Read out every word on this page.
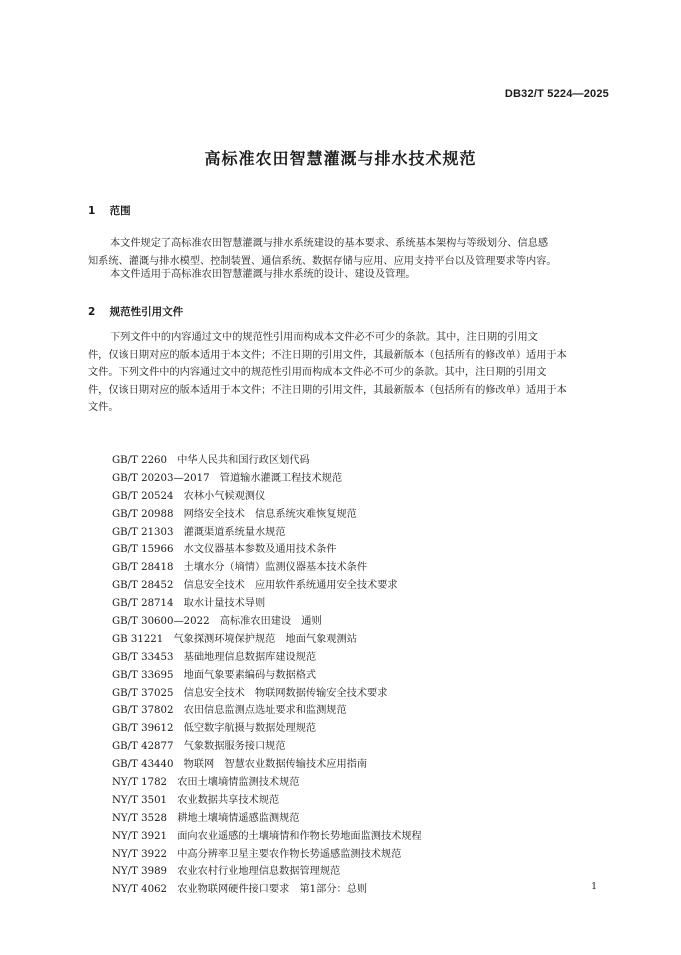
DB32/T 5224—2025
高标准农田智慧灌溉与排水技术规范
1 范围

本文件规定了高标准农田智慧灌溉与排水系统建设的基本要求、系统基本架构与等级划分、信息感
知系统、灌溉与排水模型、控制装置、通信系统、数据存储与应用、应用支持平台以及管理要求等内容。

本文件适用于高标准农田智慧灌溉与排水系统的设计、建设及管理。

2 规范性引用文件

下列文件中的内容通过文中的规范性引用而构成本文件必不可少的条款。其中，注日期的引用文
件，仅该日期对应的版本适用于本文件；不注日期的引用文件，其最新版本（包括所有的修改单）适用于本
文件。下列文件中的内容通过文中的规范性引用而构成本文件必不可少的条款。其中，注日期的引用文
件，仅该日期对应的版本适用于本文件；不注日期的引用文件，其最新版本（包括所有的修改单）适用于本
文件。

GB/T 2260　中华人民共和国行政区划代码
GB/T 20203—2017　管道输水灌溉工程技术规范
GB/T 20524　农林小气候观测仪
GB/T 20988　网络安全技术　信息系统灾难恢复规范
GB/T 21303　灌溉渠道系统量水规范
GB/T 15966　水文仪器基本参数及通用技术条件
GB/T 28418　土壤水分（墒情）监测仪器基本技术条件
GB/T 28452　信息安全技术　应用软件系统通用安全技术要求
GB/T 28714　取水计量技术导则
GB/T 30600—2022　高标准农田建设　通则
GB 31221　气象探测环境保护规范　地面气象观测站
GB/T 33453　基础地理信息数据库建设规范
GB/T 33695　地面气象要素编码与数据格式
GB/T 37025　信息安全技术　物联网数据传输安全技术要求
GB/T 37802　农田信息监测点选址要求和监测规范
GB/T 39612　低空数字航摄与数据处理规范
GB/T 42877　气象数据服务接口规范
GB/T 43440　物联网　智慧农业数据传输技术应用指南
NY/T 1782　农田土壤墒情监测技术规范
NY/T 3501　农业数据共享技术规范
NY/T 3528　耕地土壤墒情遥感监测规范
NY/T 3921　面向农业遥感的土壤墒情和作物长势地面监测技术规程
NY/T 3922　中高分辨率卫星主要农作物长势遥感监测技术规范
NY/T 3989　农业农村行业地理信息数据管理规范
NY/T 4062　农业物联网硬件接口要求　第1部分：总则	1
